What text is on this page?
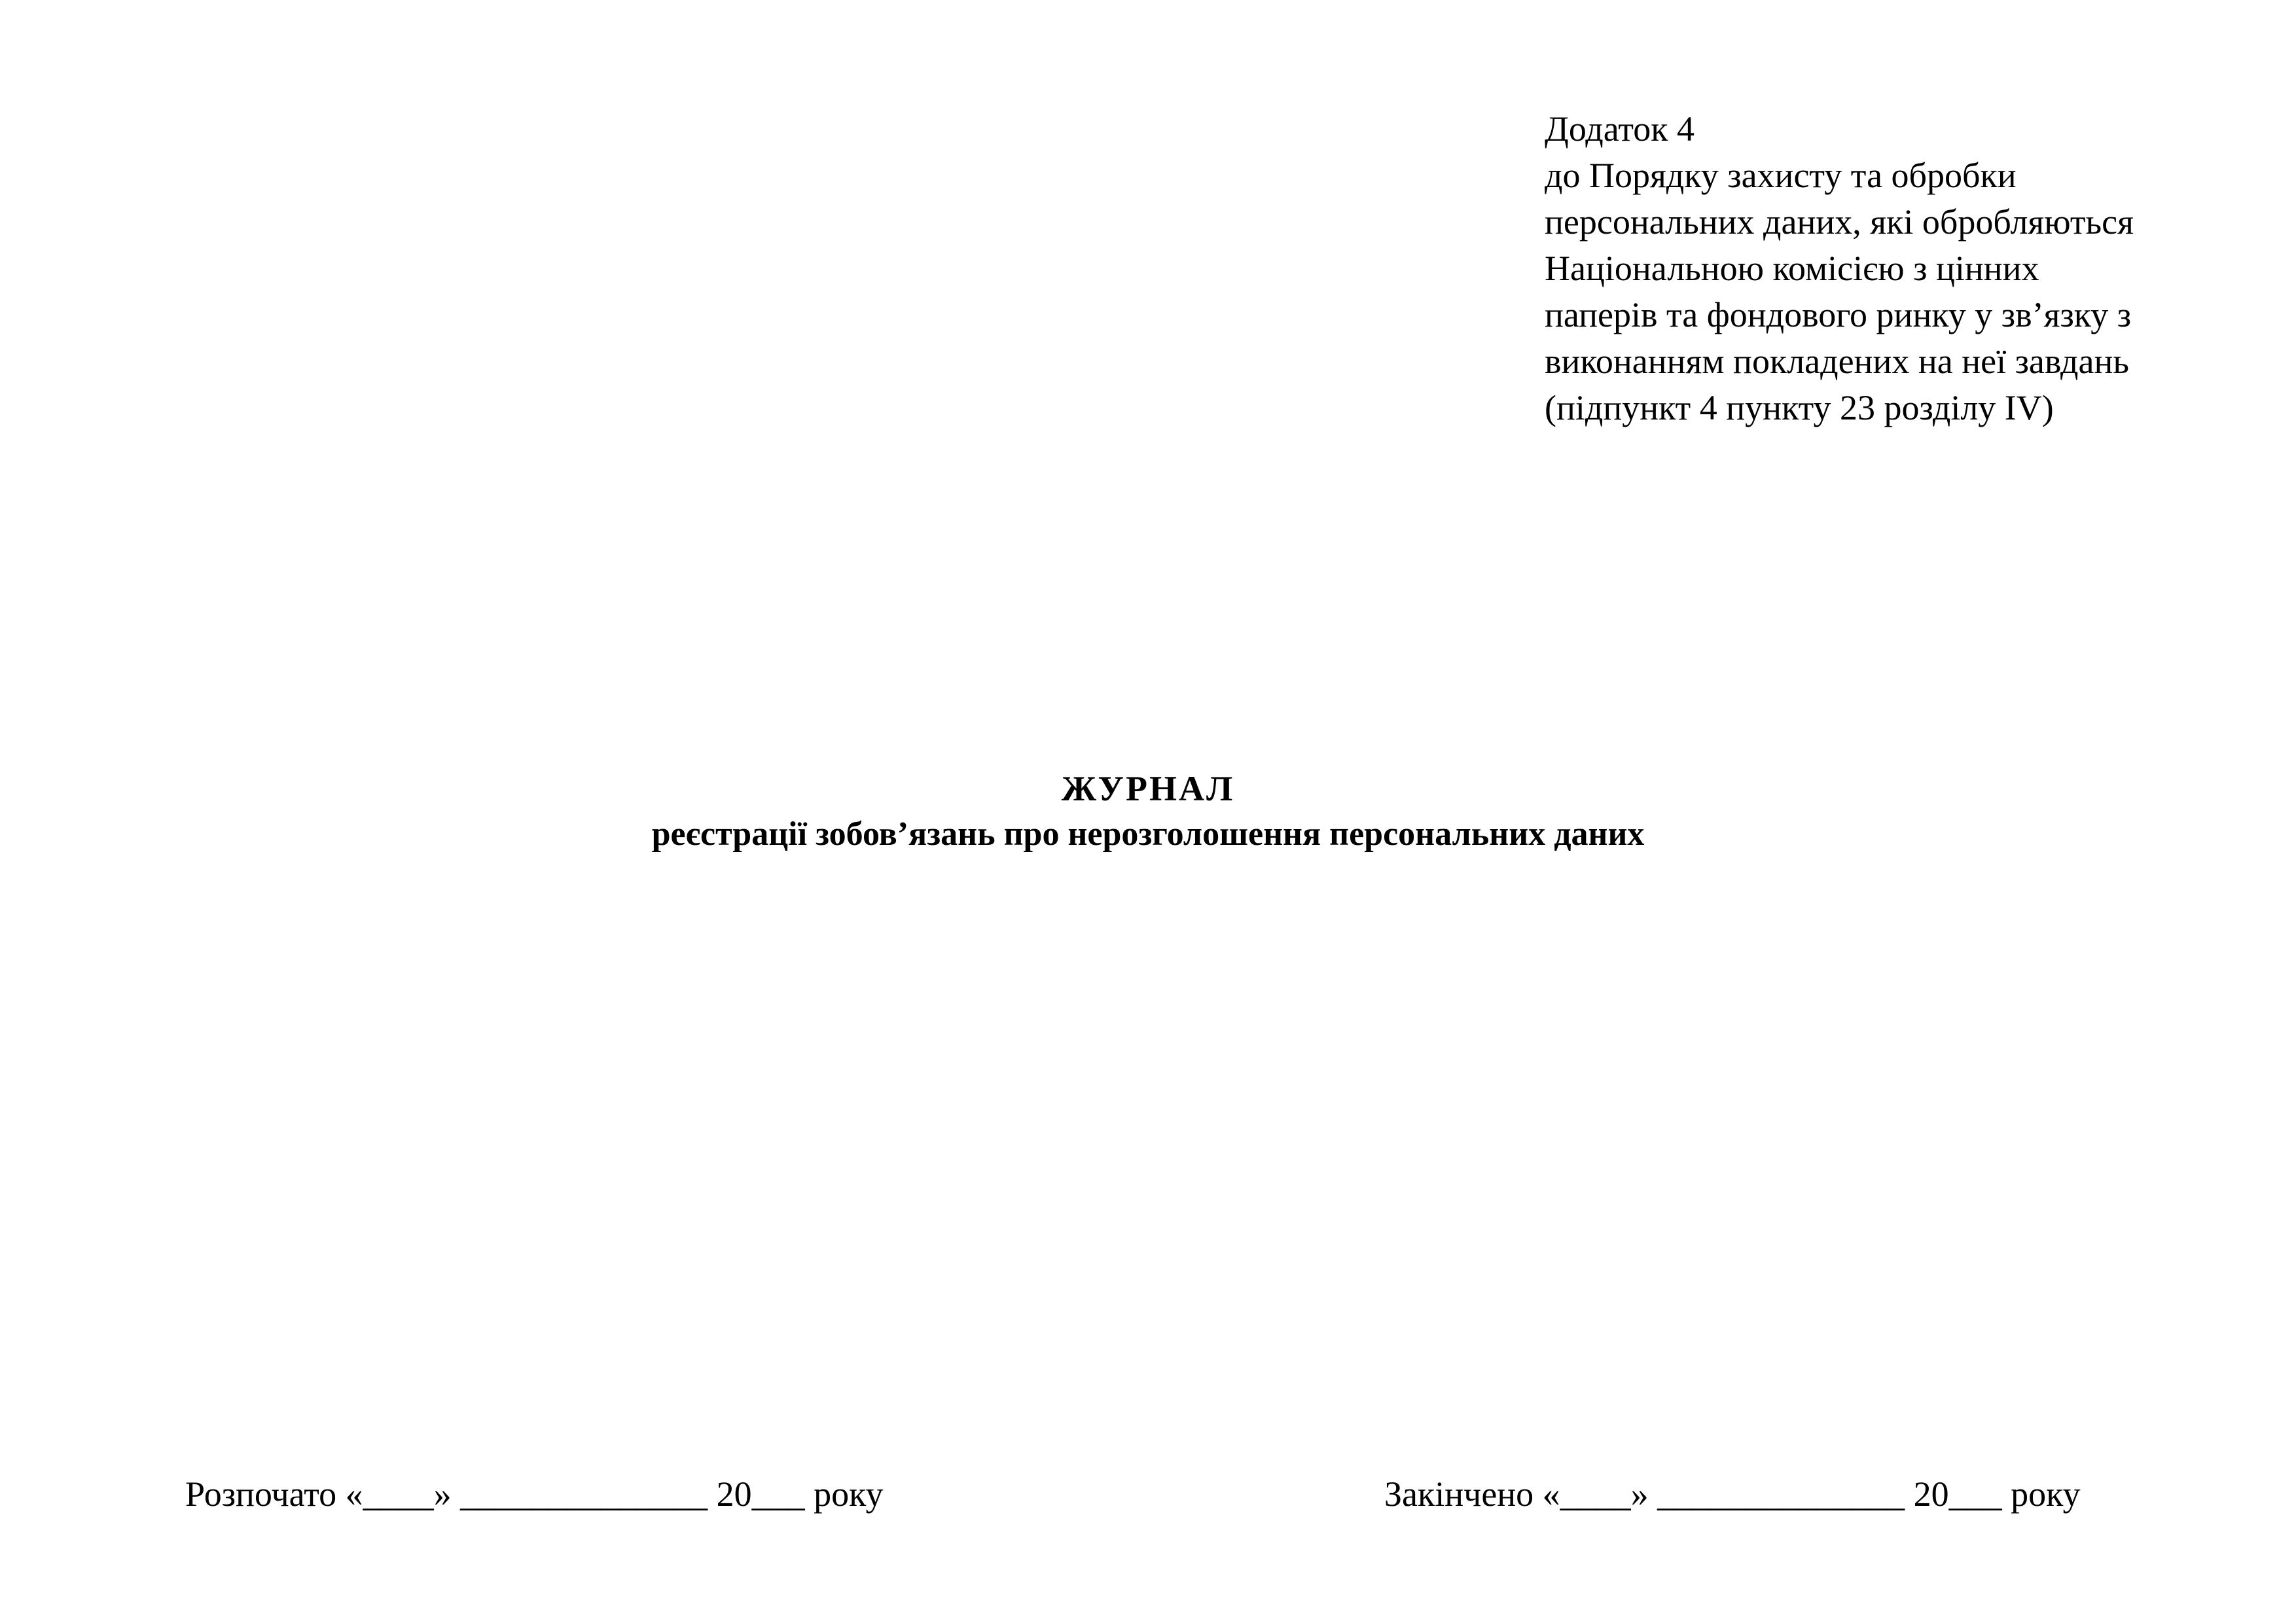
Додаток 4
до Порядку захисту та обробки
персональних даних, які обробляються
Національною комісією з цінних
паперів та фондового ринку у зв’язку з
виконанням покладених на неї завдань
(підпункт 4 пункту 23 розділу IV)
ЖУРНАЛ
реєстрації зобов’язань про нерозголошення персональних даних
Розпочато «____» ______________ 20___ року	Закінчено «____» ______________ 20___ року
